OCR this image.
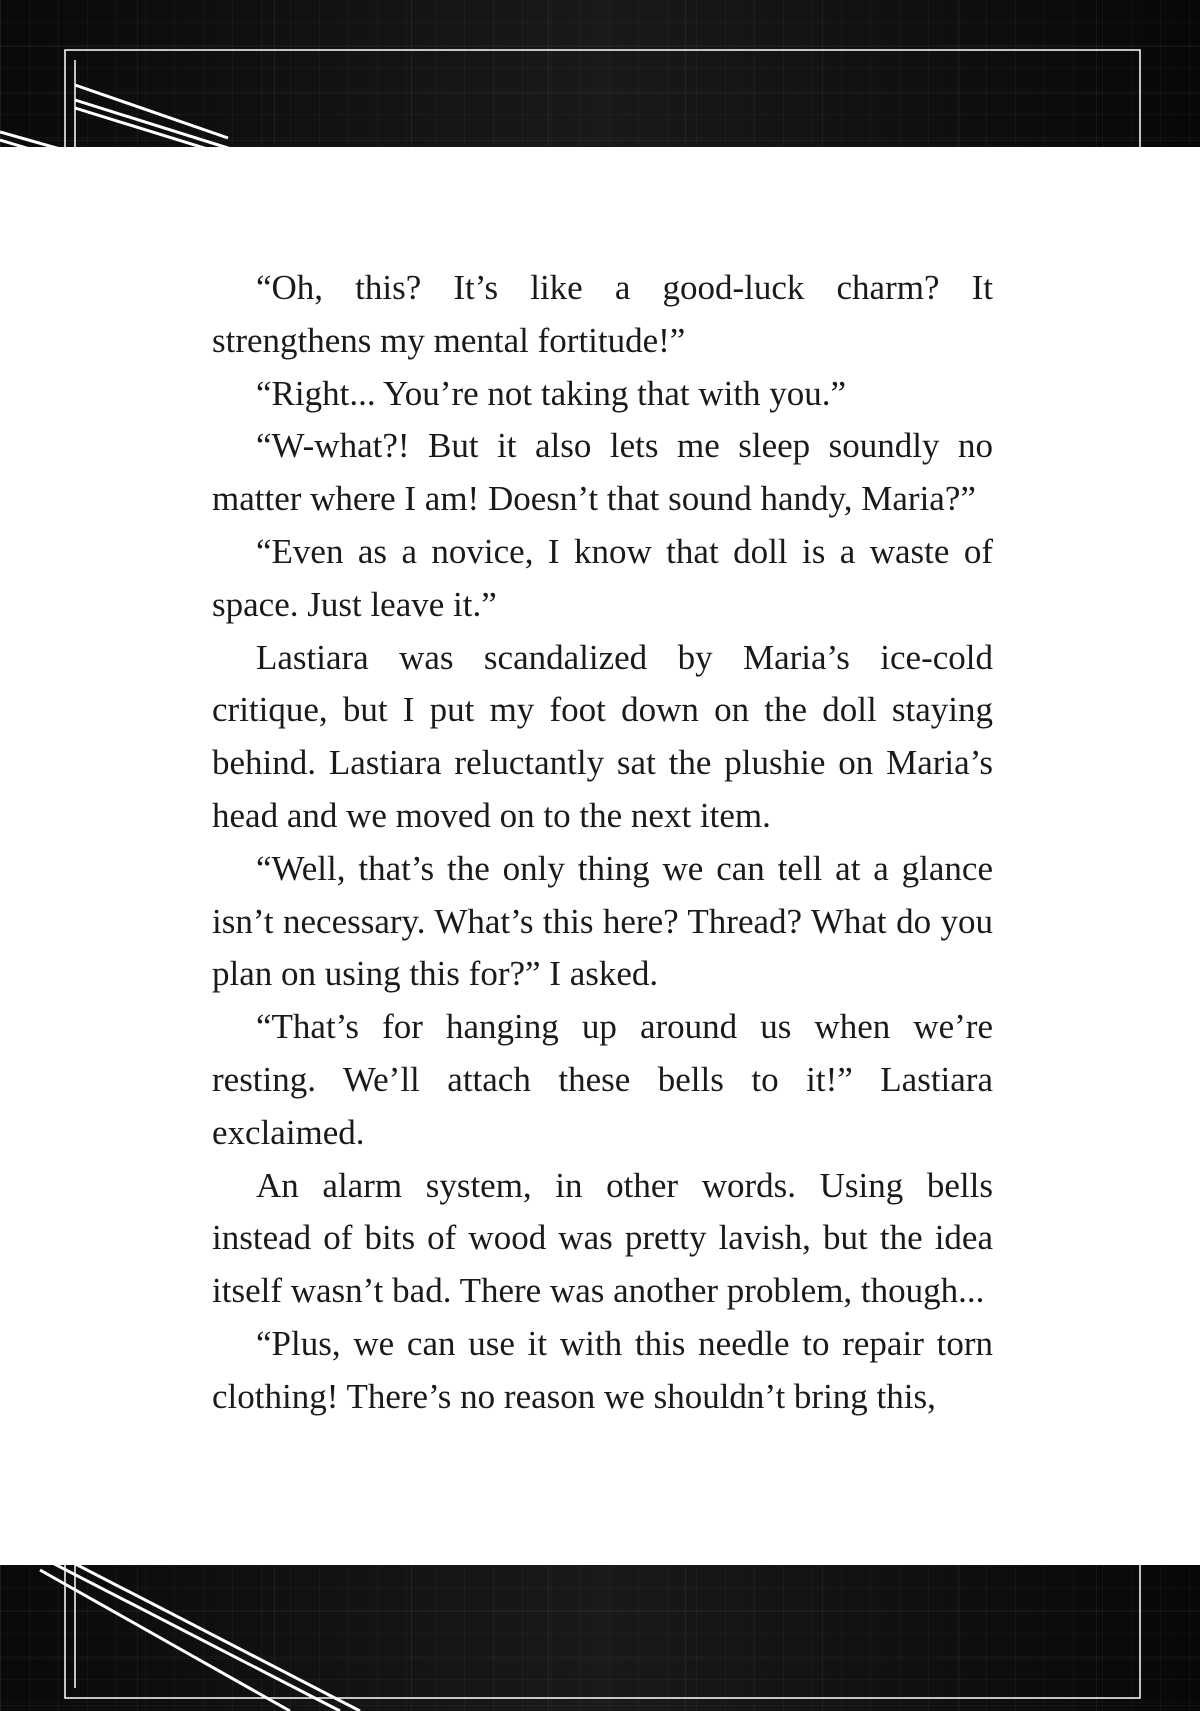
“Oh, this? It’s like a good-luck charm? It strengthens my mental fortitude!”

“Right... You’re not taking that with you.”

“W-what?! But it also lets me sleep soundly no matter where I am! Doesn’t that sound handy, Maria?”

“Even as a novice, I know that doll is a waste of space. Just leave it.”

Lastiara was scandalized by Maria’s ice-cold critique, but I put my foot down on the doll staying behind. Lastiara reluctantly sat the plushie on Maria’s head and we moved on to the next item.

“Well, that’s the only thing we can tell at a glance isn’t necessary. What’s this here? Thread? What do you plan on using this for?” I asked.

“That’s for hanging up around us when we’re resting. We’ll attach these bells to it!” Lastiara exclaimed.

An alarm system, in other words. Using bells instead of bits of wood was pretty lavish, but the idea itself wasn’t bad. There was another problem, though...

“Plus, we can use it with this needle to repair torn clothing! There’s no reason we shouldn’t bring this,
